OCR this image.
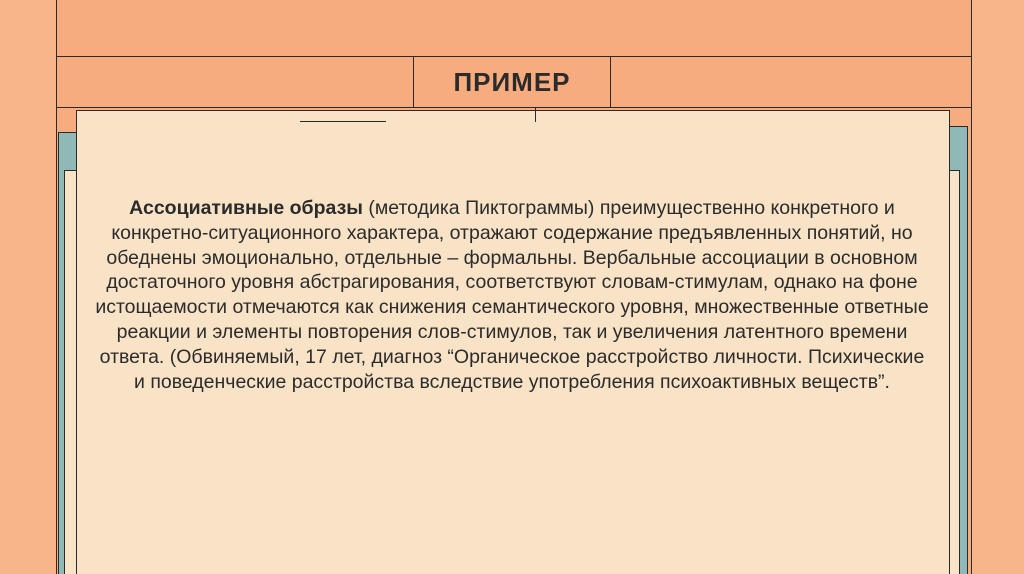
ПРИМЕР
Ассоциативные образы (методика Пиктограммы) преимущественно конкретного и конкретно-ситуационного характера, отражают содержание предъявленных понятий, но обеднены эмоционально, отдельные – формальны. Вербальные ассоциации в основном достаточного уровня абстрагирования, соответствуют словам-стимулам, однако на фоне истощаемости отмечаются как снижения семантического уровня, множественные ответные реакции и элементы повторения слов-стимулов, так и увеличения латентного времени ответа. (Обвиняемый, 17 лет, диагноз “Органическое расстройство личности. Психические и поведенческие расстройства вследствие употребления психоактивных веществ”.
